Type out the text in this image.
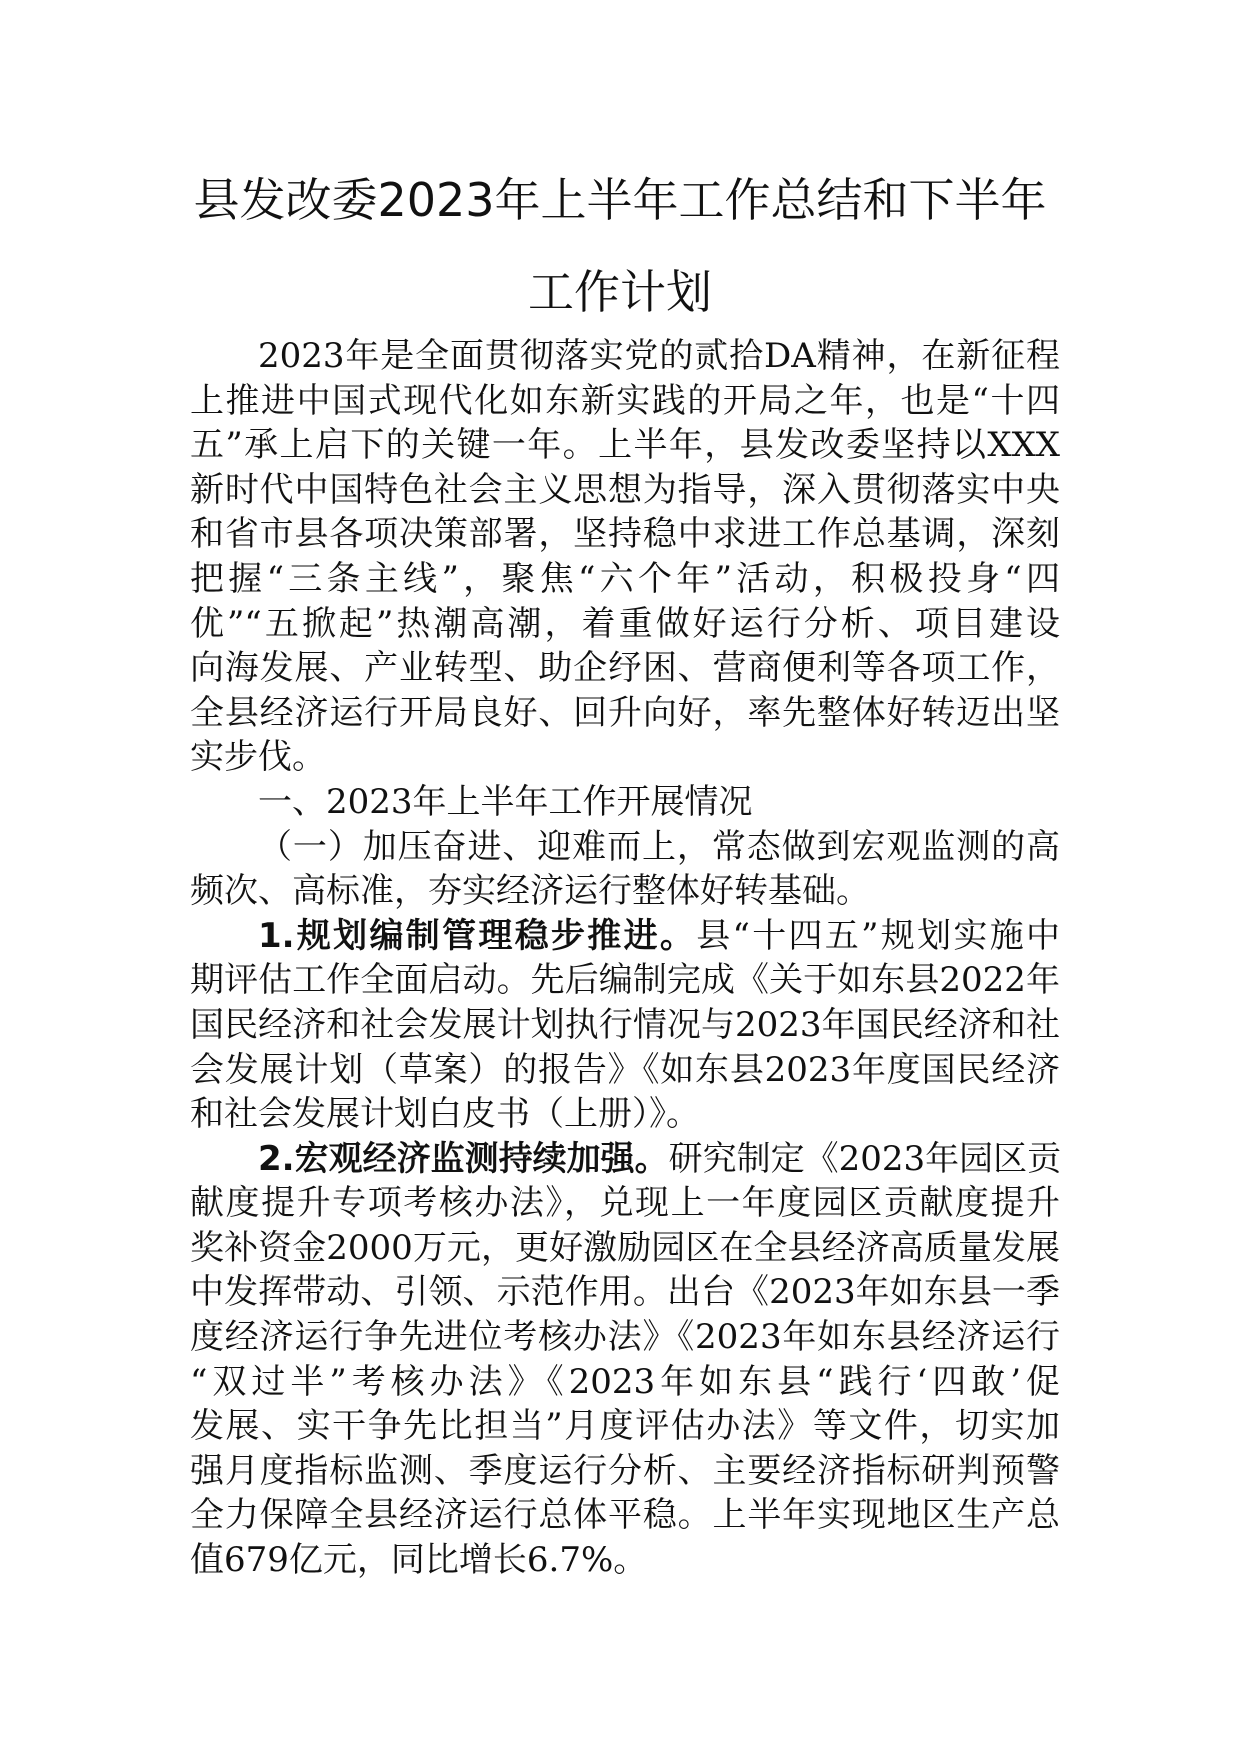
县发改委2023年上半年工作总结和下半年
工作计划
2023年是全面贯彻落实党的贰拾DA精神，在新征程
上推进中国式现代化如东新实践的开局之年，也是“十四
五”承上启下的关键一年。上半年，县发改委坚持以XXX
新时代中国特色社会主义思想为指导，深入贯彻落实中央
和省市县各项决策部署，坚持稳中求进工作总基调，深刻
把握“三条主线”，聚焦“六个年”活动，积极投身“四
优”“五掀起”热潮高潮，着重做好运行分析、项目建设
向海发展、产业转型、助企纾困、营商便利等各项工作，
全县经济运行开局良好、回升向好，率先整体好转迈出坚
实步伐。
一、2023年上半年工作开展情况
（一）加压奋进、迎难而上，常态做到宏观监测的高
频次、高标准，夯实经济运行整体好转基础。
1.规划编制管理稳步推进。县“十四五”规划实施中
期评估工作全面启动。先后编制完成《关于如东县2022年
国民经济和社会发展计划执行情况与2023年国民经济和社
会发展计划（草案）的报告》《如东县2023年度国民经济
和社会发展计划白皮书（上册）》。
2.宏观经济监测持续加强。研究制定《2023年园区贡
献度提升专项考核办法》，兑现上一年度园区贡献度提升
奖补资金2000万元，更好激励园区在全县经济高质量发展
中发挥带动、引领、示范作用。出台《2023年如东县一季
度经济运行争先进位考核办法》《2023年如东县经济运行
“双过半”考核办法》《2023年如东县“践行‘四敢’促
发展、实干争先比担当”月度评估办法》等文件，切实加
强月度指标监测、季度运行分析、主要经济指标研判预警
全力保障全县经济运行总体平稳。上半年实现地区生产总
值679亿元，同比增长6.7%。
